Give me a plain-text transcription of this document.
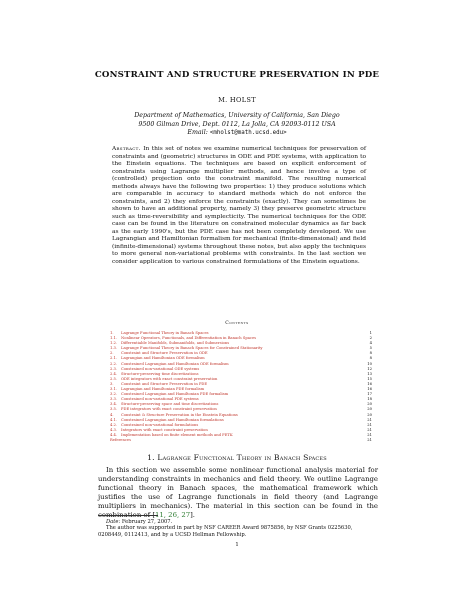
CONSTRAINT AND STRUCTURE PRESERVATION IN PDE
M. HOLST
Department of Mathematics, University of California, San Diego
9500 Gilman Drive, Dept. 0112, La Jolla, CA 92093-0112 USA
Email: <mholst@math.ucsd.edu>
Abstract. In this set of notes we examine numerical techniques for preservation of constraints and (geometric) structures in ODE and PDE systems, with application to the Einstein equations. The techniques are based on explicit enforcement of constraints using Lagrange multiplier methods, and hence involve a type of (controlled) projection onto the constraint manifold. The resulting numerical methods always have the following two properties: 1) they produce solutions which are comparable in accuracy to standard methods which do not enforce the constraints, and 2) they enforce the constraints (exactly). They can sometimes be shown to have an additional property, namely 3) they preserve geometric structure such as time-reversibility and symplecticity. The numerical techniques for the ODE case can be found in the literature on constrained molecular dynamics as far back as the early 1990's, but the PDE case has not been completely developed. We use Lagrangian and Hamiltonian formalism for mechanical (finite-dimensional) and field (infinite-dimensional) systems throughout these notes, but also apply the techniques to more general non-variational problems with constraints. In the last section we consider application to various constrained formulations of the Einstein equations.
Contents
1. Lagrange Functional Theory in Banach Spaces	1
1.1. Nonlinear Operators, Functionals, and Differentiation in Banach Spaces	2
1.2. Differentiable Manifolds, Submanifolds, and Submersions	4
1.3. Lagrange Functional Theory in Banach Spaces for Constrained Stationarity	5
2. Constraint and Structure Preservation in ODE	8
2.1. Lagrangian and Hamiltonian ODE formalism	8
2.2. Constrained Lagrangian and Hamiltonian ODE formalism	10
2.3. Constrained non-variational ODE systems	12
2.4. Structure-preserving time discretizations	13
2.5. ODE integrators with exact constraint preservation	15
3. Constraint and Structure Preservation in PDE	16
3.1. Lagrangian and Hamiltonian PDE formalism	16
3.2. Constrained Lagrangian and Hamiltonian PDE formalism	17
3.3. Constrained non-variational PDE systems	18
3.4. Structure-preserving space and time discretizations	20
3.5. PDE integrators with exact constraint preservation	20
4. Constraint & Structure Preservation in the Einstein Equations	20
4.1. Constrained Lagrangian and Hamiltonian formulations	21
4.2. Constrained non-variational formulations	21
4.3. Integrators with exact constraint preservation	21
4.4. Implementation based on finite element methods and FETK	21
References	21
1. Lagrange Functional Theory in Banach Spaces
In this section we assemble some nonlinear functional analysis material for understanding constraints in mechanics and field theory. We outline Lagrange functional theory in Banach spaces, the mathematical framework which justifies the use of Lagrange functionals in field theory (and Lagrange multipliers in mechanics). The material in this section can be found in the combination of [11, 26, 27].
Date: February 27, 2007.
The author was supported in part by NSF CAREER Award 9875856, by NSF Grants 0225630, 0208449, 0112413, and by a UCSD Hellman Fellowship.
1
